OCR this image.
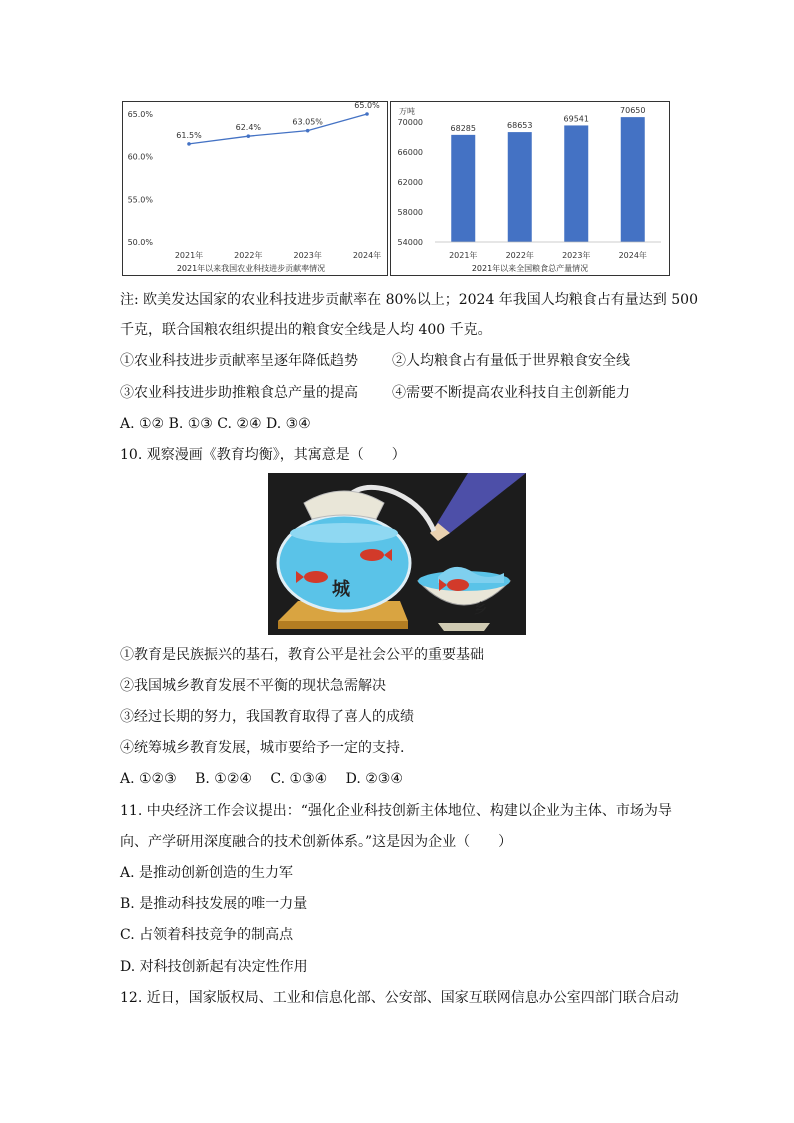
50.0%
55.0%
60.0%
65.0%
2021年	2022年	2023年	2024年
61.5%
62.4%
63.05%
65.0%
2021年以来我国农业科技进步贡献率情况
万吨
54000
58000
62000
66000
70000
68285
2021年
68653
2022年
69541
2023年
70650
2024年
2021年以来全国粮食总产量情况
注: 欧美发达国家的农业科技进步贡献率在 80%以上；2024 年我国人均粮食占有量达到 500
千克，联合国粮农组织提出的粮食安全线是人均 400 千克。
①农业科技进步贡献率呈逐年降低趋势 ②人均粮食占有量低于世界粮食安全线
③农业科技进步助推粮食总产量的提高 ④需要不断提高农业科技自主创新能力
A. ①② B. ①③ C. ②④ D. ③④
10. 观察漫画《教育均衡》，其寓意是（　　）
城
乡
①教育是民族振兴的基石，教育公平是社会公平的重要基础
②我国城乡教育发展不平衡的现状急需解决
③经过长期的努力，我国教育取得了喜人的成绩
④统筹城乡教育发展，城市要给予一定的支持.
A. ①②③　 B. ①②④　 C. ①③④　 D. ②③④
11. 中央经济工作会议提出：“强化企业科技创新主体地位、构建以企业为主体、市场为导
向、产学研用深度融合的技术创新体系。”这是因为企业（　　）
A. 是推动创新创造的生力军
B. 是推动科技发展的唯一力量
C. 占领着科技竞争的制高点
D. 对科技创新起有决定性作用
12. 近日，国家版权局、工业和信息化部、公安部、国家互联网信息办公室四部门联合启动
